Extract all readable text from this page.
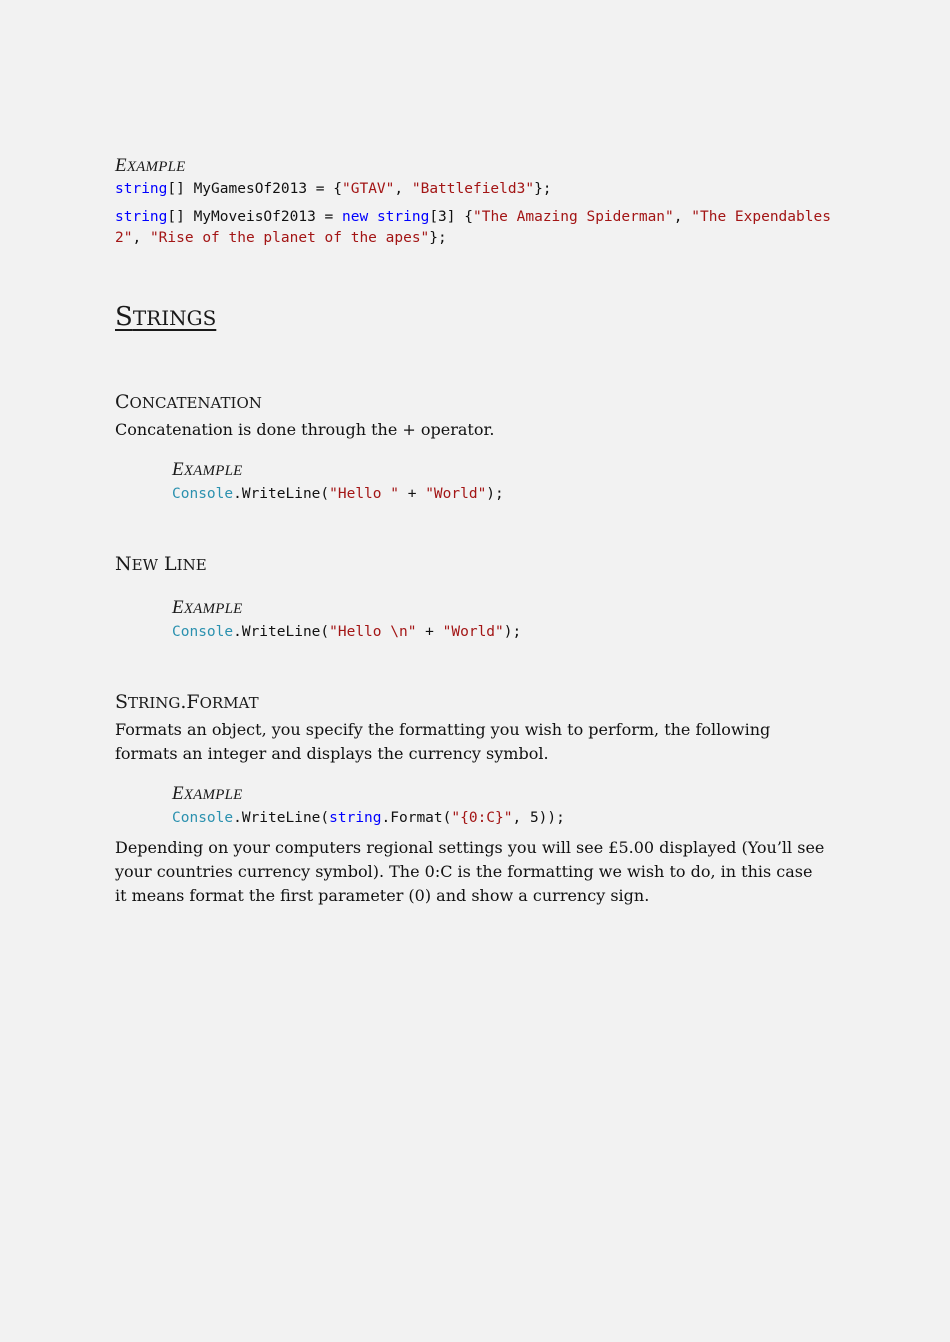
EXAMPLE
string[] MyGamesOf2013 = {"GTAV", "Battlefield3"};
string[] MyMoveisOf2013 = new string[3] {"The Amazing Spiderman", "The Expendables
2", "Rise of the planet of the apes"};
STRINGS
CONCATENATION
Concatenation is done through the + operator.
EXAMPLE
Console.WriteLine("Hello " + "World");
NEW LINE
EXAMPLE
Console.WriteLine("Hello \n" + "World");
STRING.FORMAT
Formats an object, you specify the formatting you wish to perform, the following formats an integer and displays the currency symbol.
EXAMPLE
Console.WriteLine(string.Format("{0:C}", 5));
Depending on your computers regional settings you will see £5.00 displayed (You’ll see your countries currency symbol). The 0:C is the formatting we wish to do, in this case it means format the first parameter (0) and show a currency sign.
